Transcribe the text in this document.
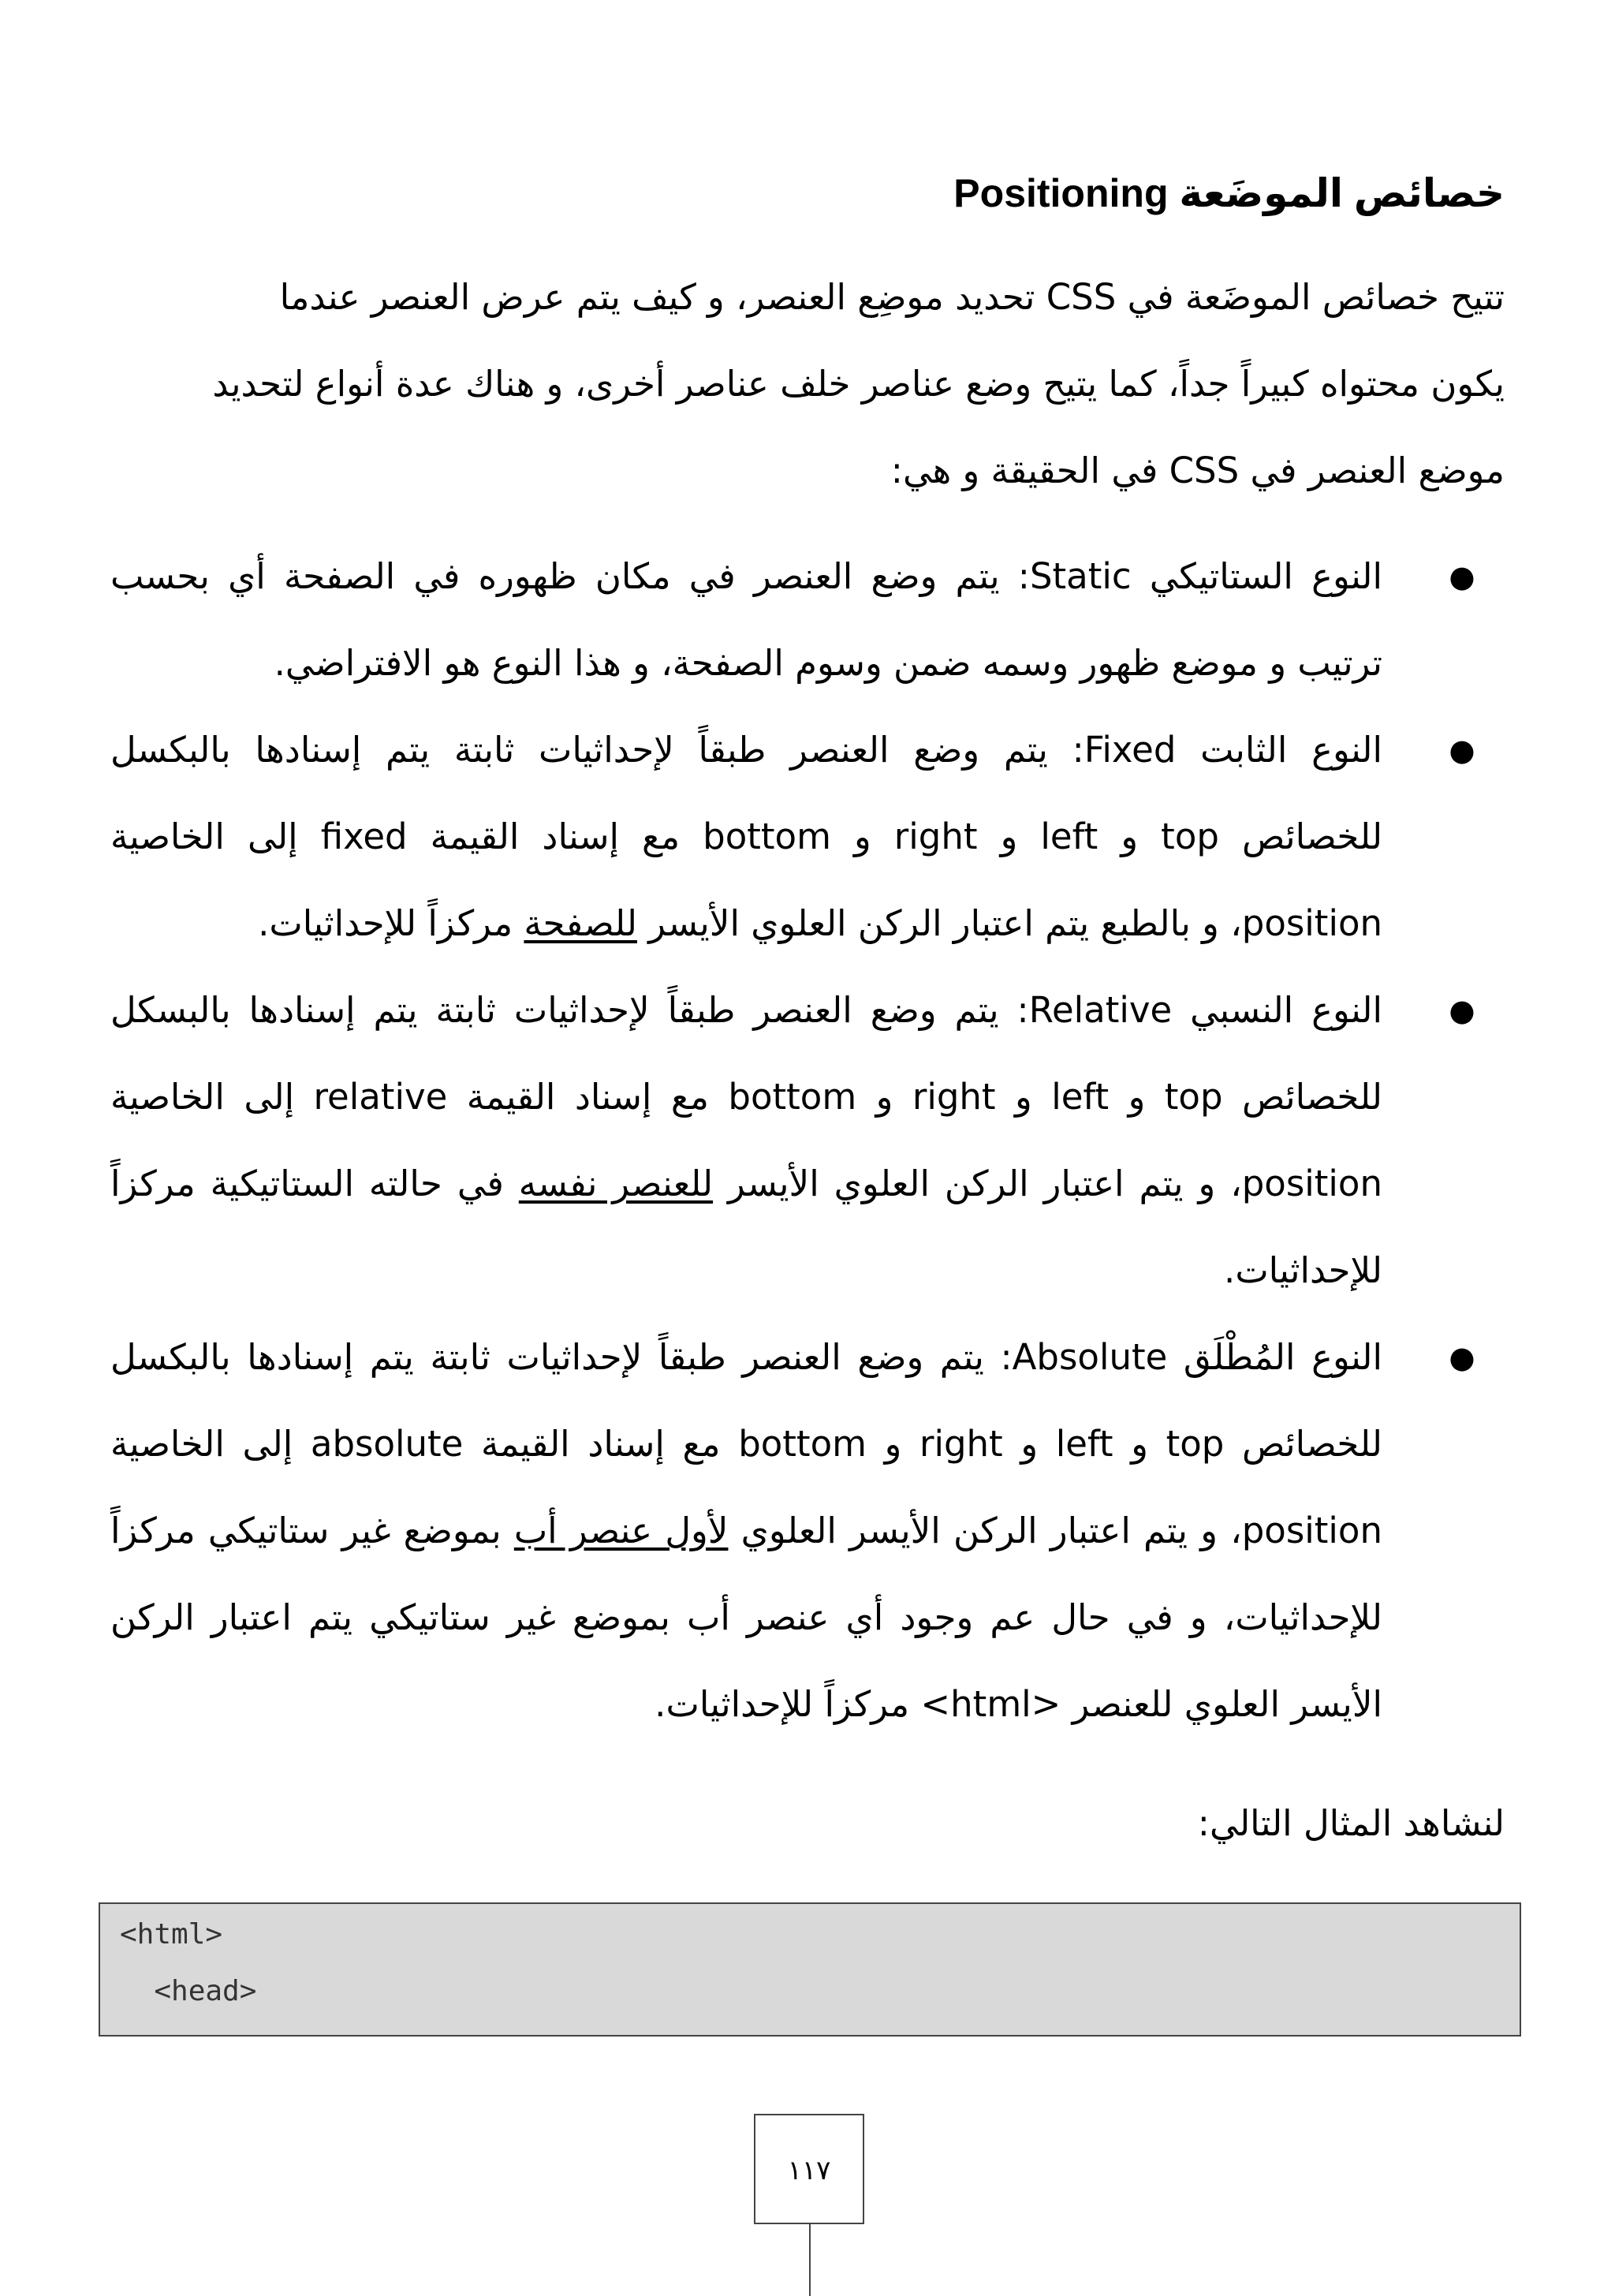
خصائص الموضَعة Positioning

تتيح خصائص الموضَعة في CSS تحديد موضِع العنصر، و كيف يتم عرض العنصر عندما

يكون محتواه كبيراً جداً، كما يتيح وضع عناصر خلف عناصر أخرى، و هناك عدة أنواع لتحديد

موضع العنصر في CSS في الحقيقة و هي:

●

النوع الستاتيكي Static: يتم وضع العنصر في مكان ظهوره في الصفحة أي بحسب ترتيب و موضع ظهور وسمه ضمن وسوم الصفحة، و هذا النوع هو الافتراضي.

●

النوع الثابت Fixed: يتم وضع العنصر طبقاً لإحداثيات ثابتة يتم إسنادها بالبكسل للخصائص top و left و right و bottom مع إسناد القيمة fixed إلى الخاصية position، و بالطبع يتم اعتبار الركن العلوي الأيسر للصفحة مركزاً للإحداثيات.

●

النوع النسبي Relative: يتم وضع العنصر طبقاً لإحداثيات ثابتة يتم إسنادها بالبسكل للخصائص top و left و right و bottom مع إسناد القيمة relative إلى الخاصية position، و يتم اعتبار الركن العلوي الأيسر للعنصر نفسه في حالته الستاتيكية مركزاً للإحداثيات.

●

النوع المُطْلَق Absolute: يتم وضع العنصر طبقاً لإحداثيات ثابتة يتم إسنادها بالبكسل للخصائص top و left و right و bottom مع إسناد القيمة absolute إلى الخاصية position، و يتم اعتبار الركن الأيسر العلوي لأول عنصر أب بموضع غير ستاتيكي مركزاً للإحداثيات، و في حال عم وجود أي عنصر أب بموضع غير ستاتيكي يتم اعتبار الركن الأيسر العلوي للعنصر <html> مركزاً للإحداثيات.

لنشاهد المثال التالي:

<html>
<head>
١١٧
